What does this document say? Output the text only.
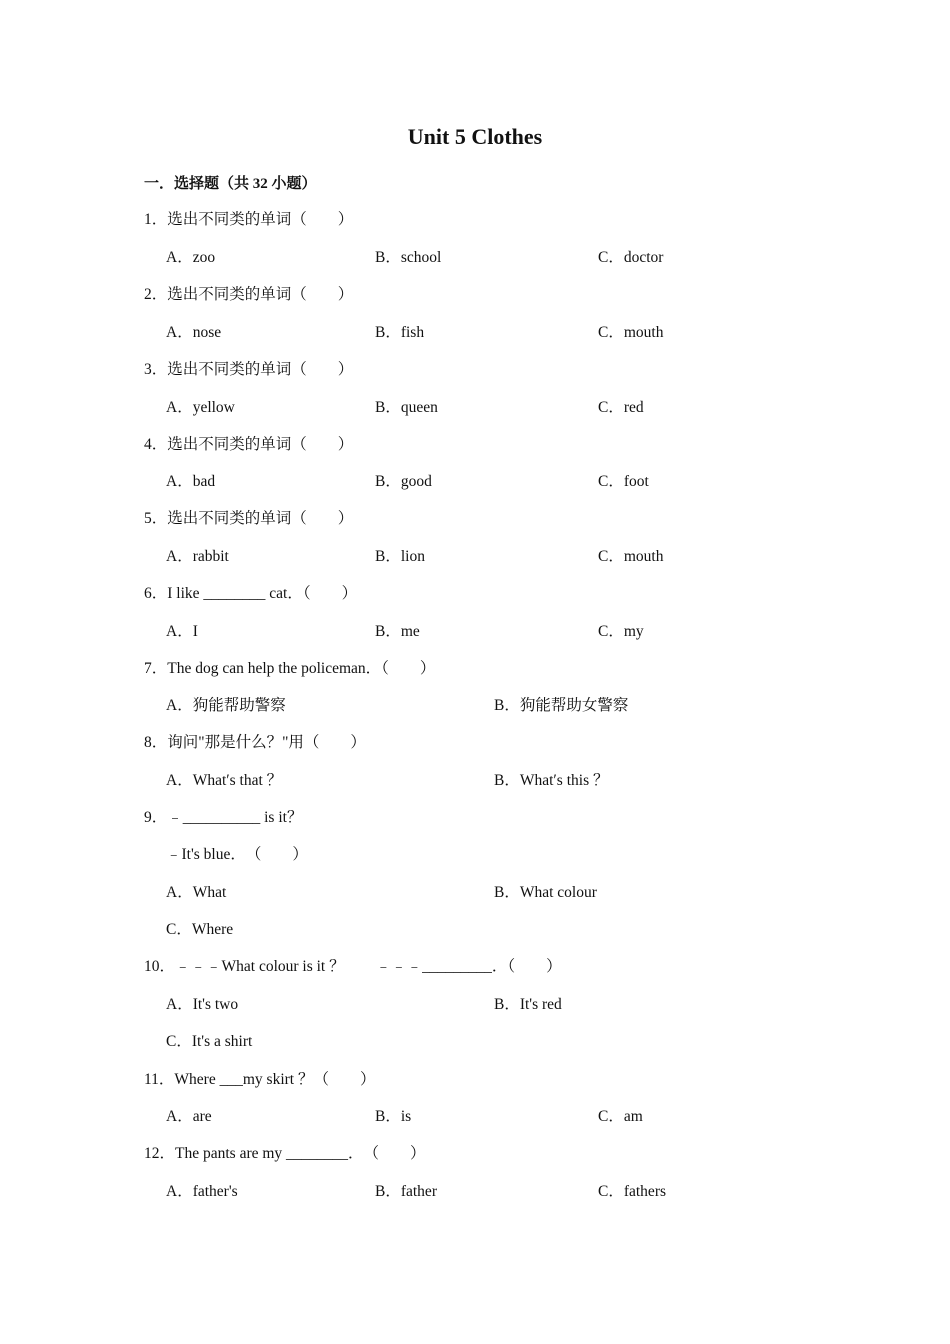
Unit 5 Clothes
一．选择题（共 32 小题）
1．选出不同类的单词（　　）
A．zoo	B．school	C．doctor
2．选出不同类的单词（　　）
A．nose	B．fish	C．mouth
3．选出不同类的单词（　　）
A．yellow	B．queen	C．red
4．选出不同类的单词（　　）
A．bad	B．good	C．foot
5．选出不同类的单词（　　）
A．rabbit	B．lion	C．mouth
6．I like ________ cat．（　　）
A．I	B．me	C．my
7．The dog can help the policeman．（　　）
A．狗能帮助警察	B．狗能帮助女警察
8．询问"那是什么？"用（　　）
A．What′s that ？	B．What′s this ？
9．﹣__________ is it？
﹣It's blue．　（　　）
A．What	B．What colour
C．Where
10．﹣﹣﹣What colour is it ？　　﹣﹣﹣_________．（　　）
A．It's two	B．It's red
C．It's a shirt
11．Where ___my skirt ？（　　）
A．are	B．is	C．am
12．The pants are my ________．　（　　）
A．father's	B．father	C．fathers
